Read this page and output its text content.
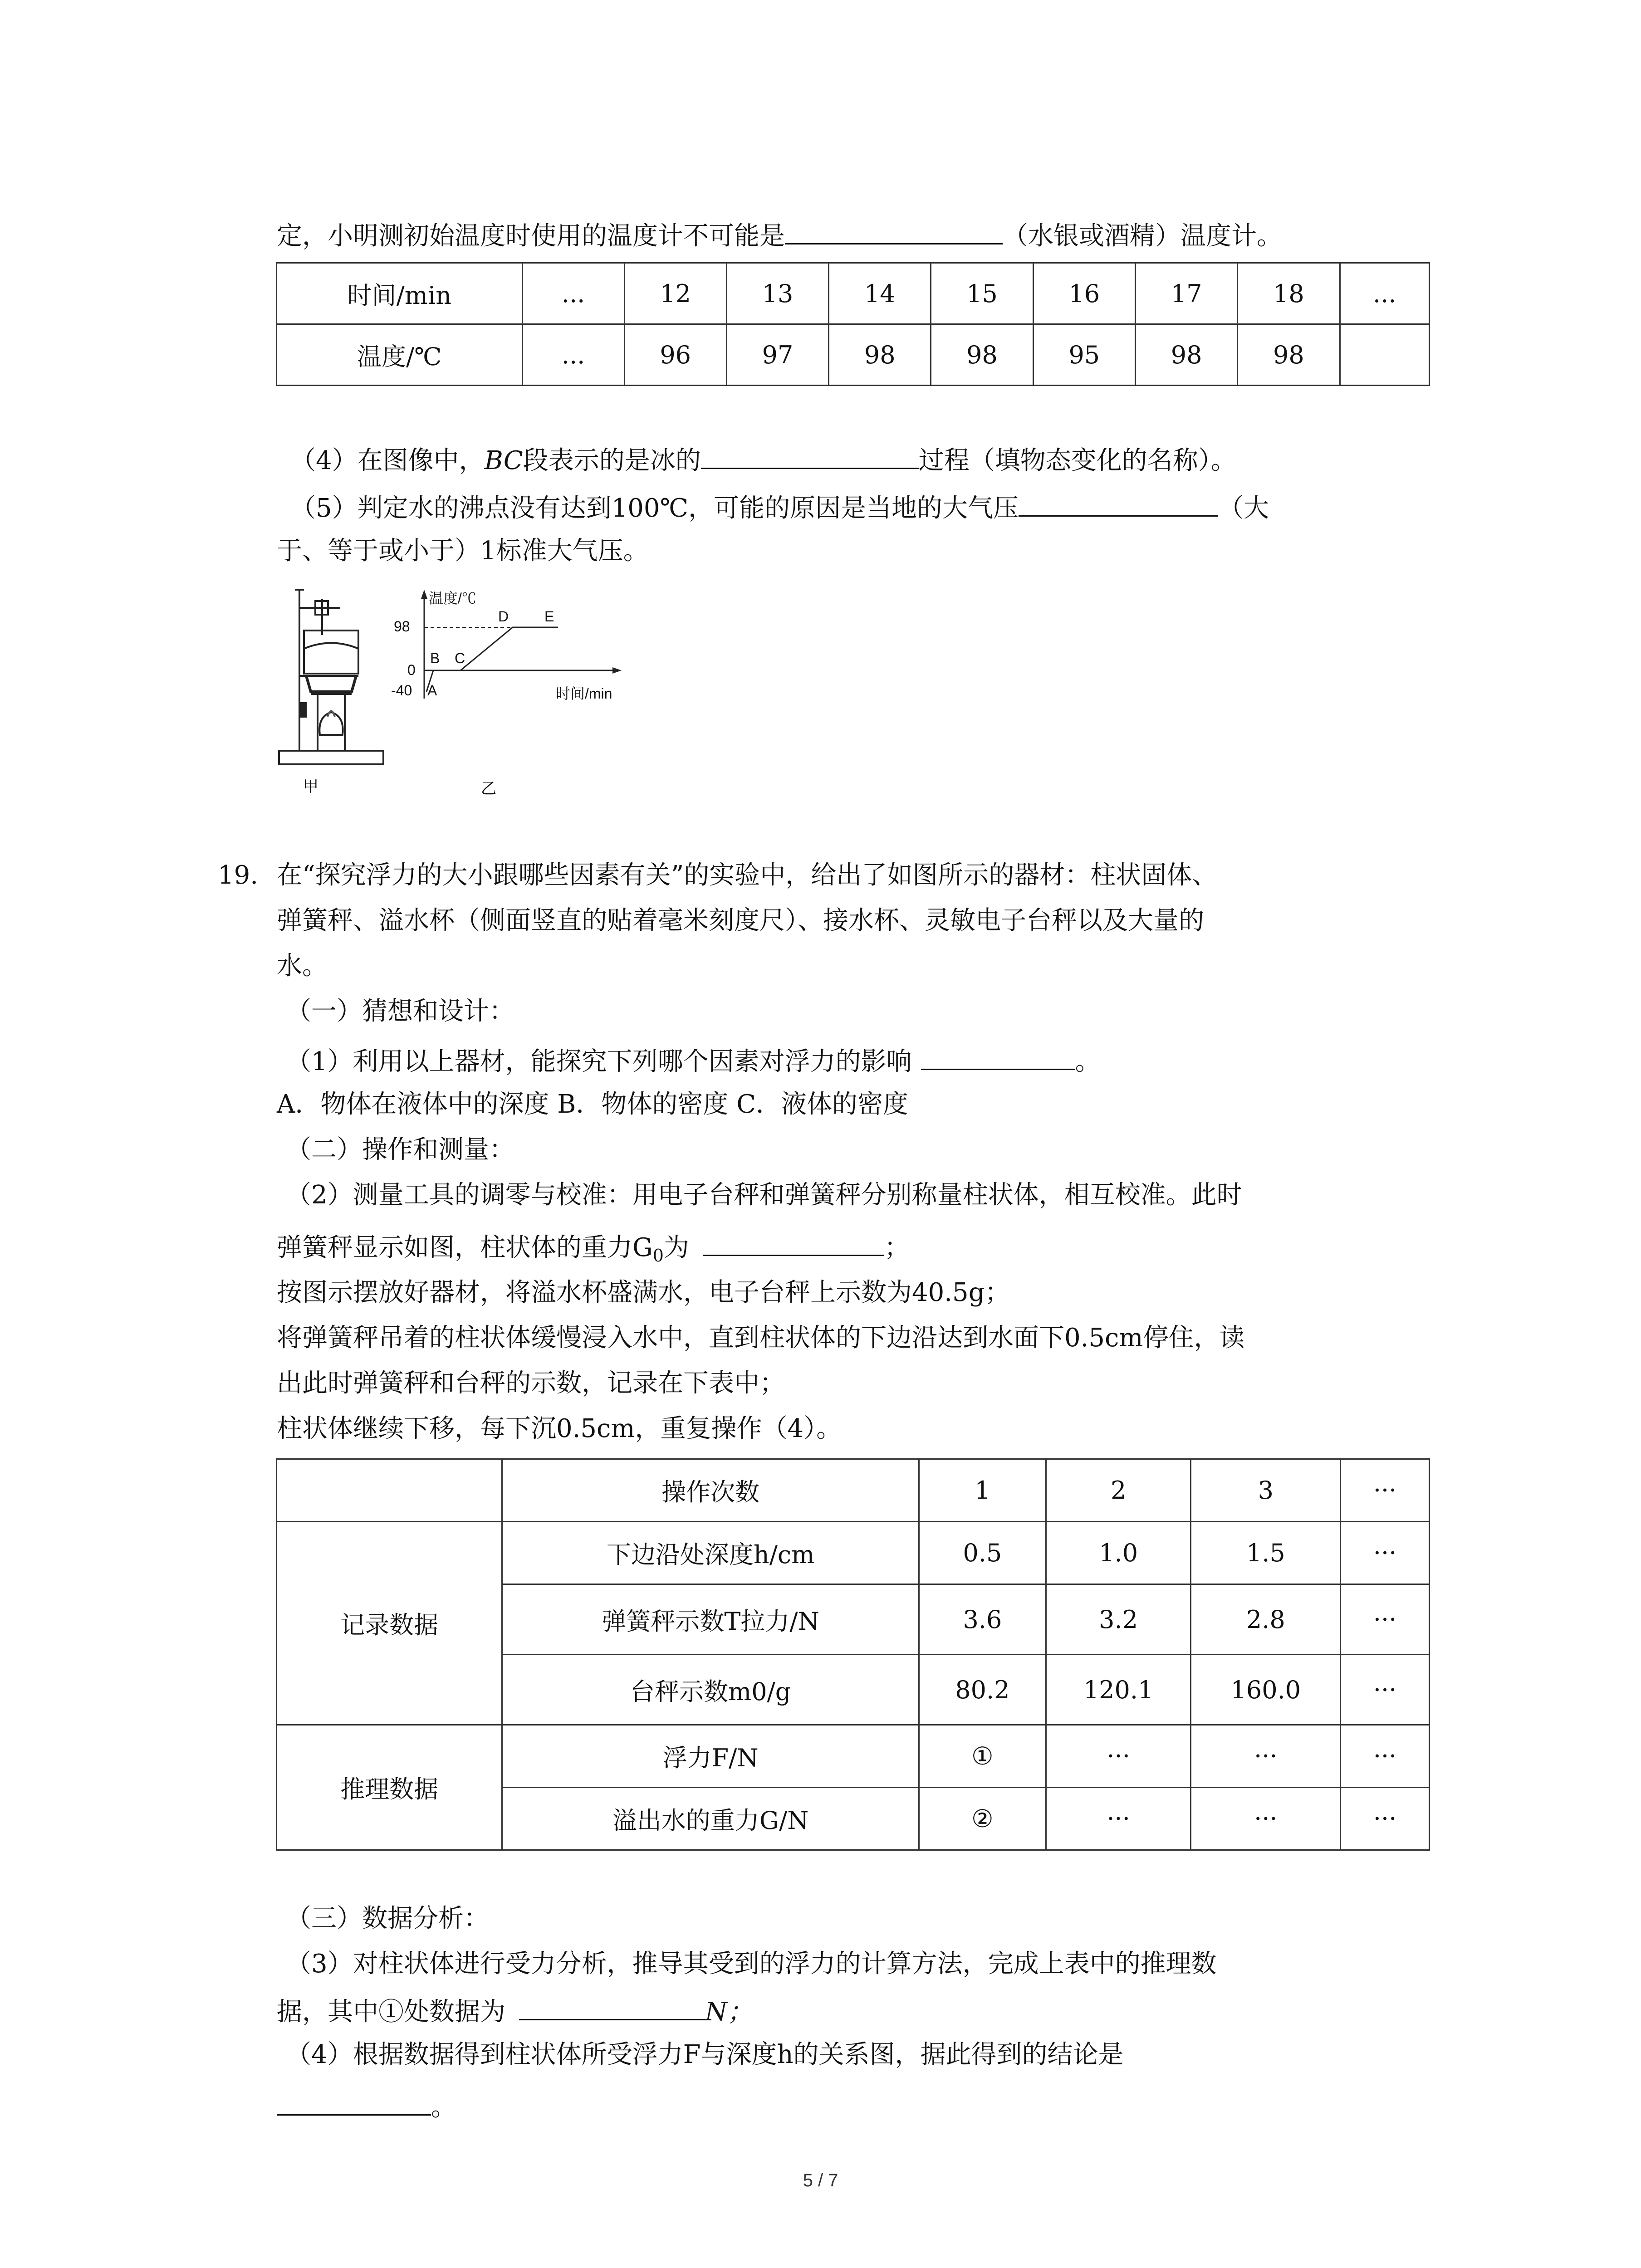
定，小明测初始温度时使用的温度计不可能是	（水银或酒精）温度计。
时间/min	...	12	13	14	15	16	17	18	...
温度/℃	...	96	97	98	98	95	98	98	
（4）在图像中，BC段表示的是冰的	过程（填物态变化的名称）。
（5）判定水的沸点没有达到100℃，可能的原因是当地的大气压	（大
于、等于或小于）1标准大气压。
温度/℃
时间/min
98
0
-40 A
B C
D E
甲	乙
19. 在“探究浮力的大小跟哪些因素有关”的实验中，给出了如图所示的器材：柱状固体、
弹簧秤、溢水杯（侧面竖直的贴着毫米刻度尺）、接水杯、灵敏电子台秤以及大量的
水。
（一）猜想和设计：
（1）利用以上器材，能探究下列哪个因素对浮力的影响	。
A．物体在液体中的深度 B．物体的密度 C．液体的密度
（二）操作和测量：
（2）测量工具的调零与校准：用电子台秤和弹簧秤分别称量柱状体，相互校准。此时
弹簧秤显示如图，柱状体的重力$G_0$为	；
按图示摆放好器材，将溢水杯盛满水，电子台秤上示数为40.5g；
将弹簧秤吊着的柱状体缓慢浸入水中，直到柱状体的下边沿达到水面下0.5cm停住，读
出此时弹簧秤和台秤的示数，记录在下表中；
柱状体继续下移，每下沉0.5cm，重复操作（4）。
	操作次数	1	2	3	···
记录数据	下边沿处深度h/cm	0.5	1.0	1.5	···
	弹簧秤示数T拉力/N	3.6	3.2	2.8	···
	台秤示数m0/g	80.2	120.1	160.0	···
推理数据	浮力F/N	①	···	···	···
	溢出水的重力G/N	②	···	···	···
（三）数据分析：
（3）对柱状体进行受力分析，推导其受到的浮力的计算方法，完成上表中的推理数
据，其中①处数据为	N；
（4）根据数据得到柱状体所受浮力F与深度h的关系图，据此得到的结论是
。
5 / 7
